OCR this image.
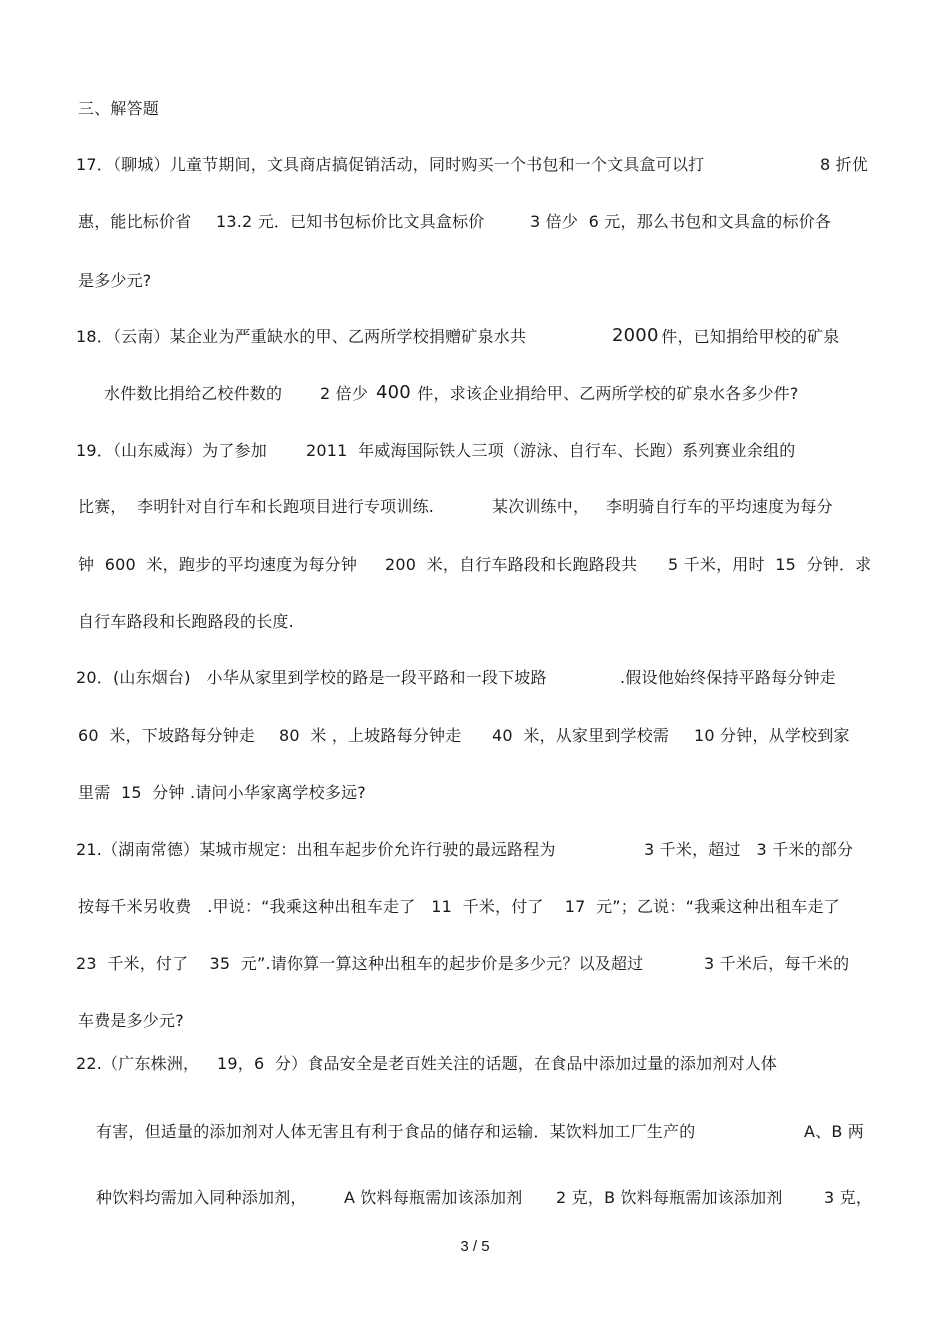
三、解答题
17．（聊城）儿童节期间，文具商店搞促销活动，同时购买一个书包和一个文具盒可以打	8 折优
惠，能比标价省 13.2 元．已知书包标价比文具盒标价	3 倍少  6 元，那么书包和文具盒的标价各
是多少元?
18．（云南）某企业为严重缺水的甲、乙两所学校捐赠矿泉水共	2000
件，已知捐给甲校的矿泉
水件数比捐给乙校件数的 2 倍少 400 件，求该企业捐给甲、乙两所学校的矿泉水各多少件?
19．（山东威海）为了参加 2011  年威海国际铁人三项（游泳、自行车、长跑）系列赛业余组的
比赛，  李明针对自行车和长跑项目进行专项训练.	某次训练中， 李明骑自行车的平均速度为每分
钟  600  米，跑步的平均速度为每分钟 200  米，自行车路段和长跑路段共 5 千米，用时  15  分钟．求
自行车路段和长跑路段的长度.
20．(山东烟台)   小华从家里到学校的路是一段平路和一段下坡路	.假设他始终保持平路每分钟走
60  米，下坡路每分钟走 80  米 ，上坡路每分钟走 40  米，从家里到学校需 10 分钟，从学校到家
里需  15  分钟 .请问小华家离学校多远?
21.（湖南常德）某城市规定：出租车起步价允许行驶的最远路程为	3 千米，超过   3 千米的部分
按每千米另收费   .甲说：“我乘这种出租车走了   11  千米，付了    17  元”；乙说：“我乘这种出租车走了
23  千米，付了    35  元”.请你算一算这种出租车的起步价是多少元？以及超过	3 千米后，每千米的
车费是多少元?
22.（广东株洲， 19，6  分）食品安全是老百姓关注的话题，在食品中添加过量的添加剂对人体
有害，但适量的添加剂对人体无害且有利于食品的储存和运输．某饮料加工厂生产的	A、B 两
种饮料均需加入同种添加剂， A 饮料每瓶需加该添加剂 2 克，B 饮料每瓶需加该添加剂	3 克，
3 / 5
